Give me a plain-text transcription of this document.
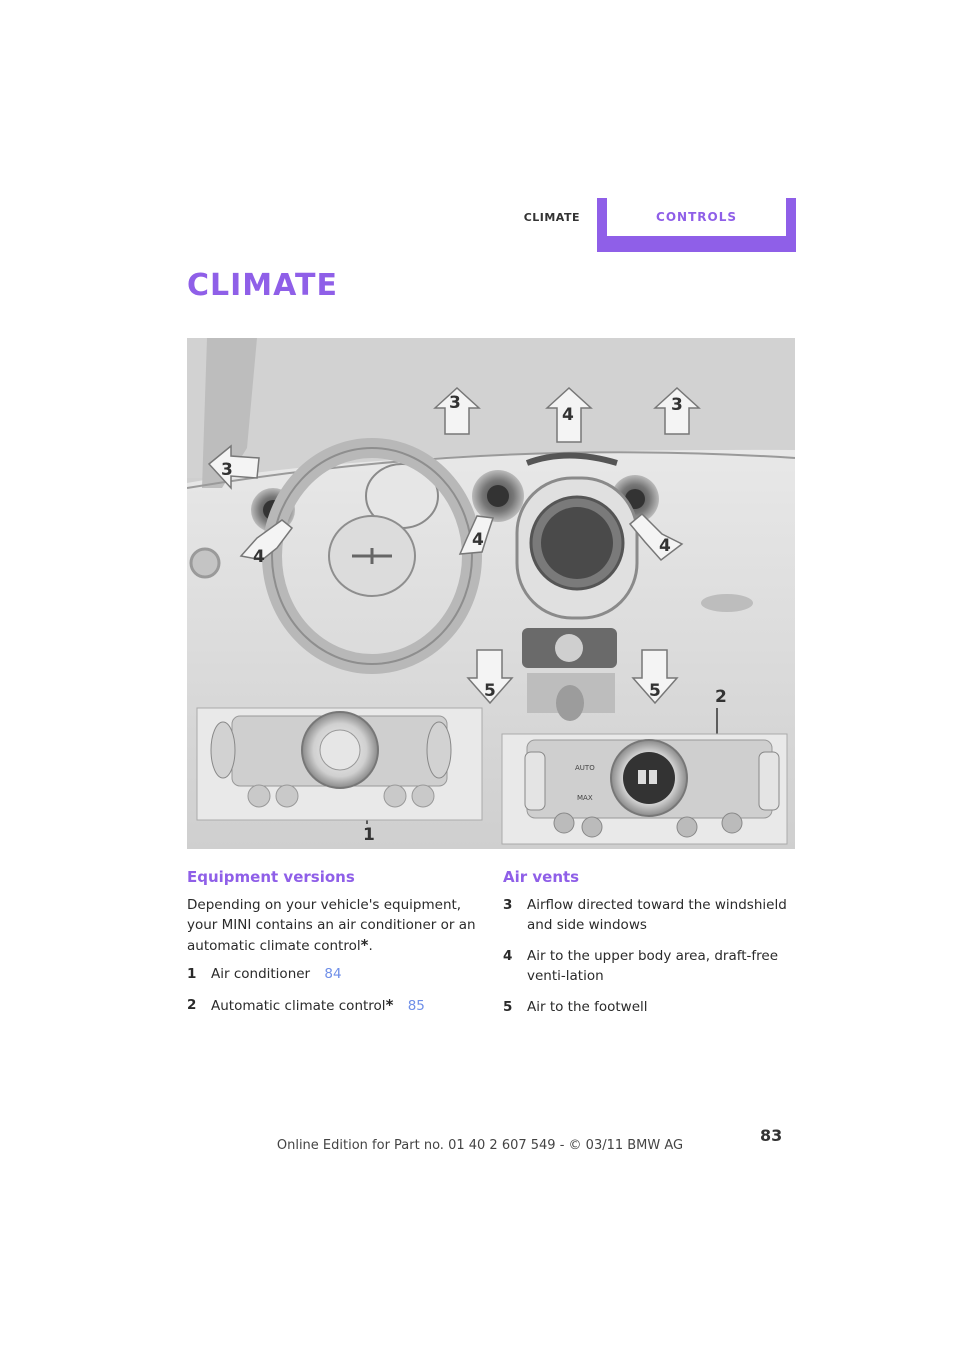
CLIMATE	CONTROLS
CLIMATE
3
4	3
3
4
4	4
5	5	2
1
AUTO
MAX
Equipment versions

Depending on your vehicle's equipment, your MINI contains an air conditioner or an automatic climate control*.

1 Air conditioner 84
2 Automatic climate control* 85
Air vents
3 Airflow directed toward the windshield and side windows
4 Air to the upper body area, draft-free venti-lation
5 Air to the footwell
83
Online Edition for Part no. 01 40 2 607 549 - © 03/11 BMW AG
